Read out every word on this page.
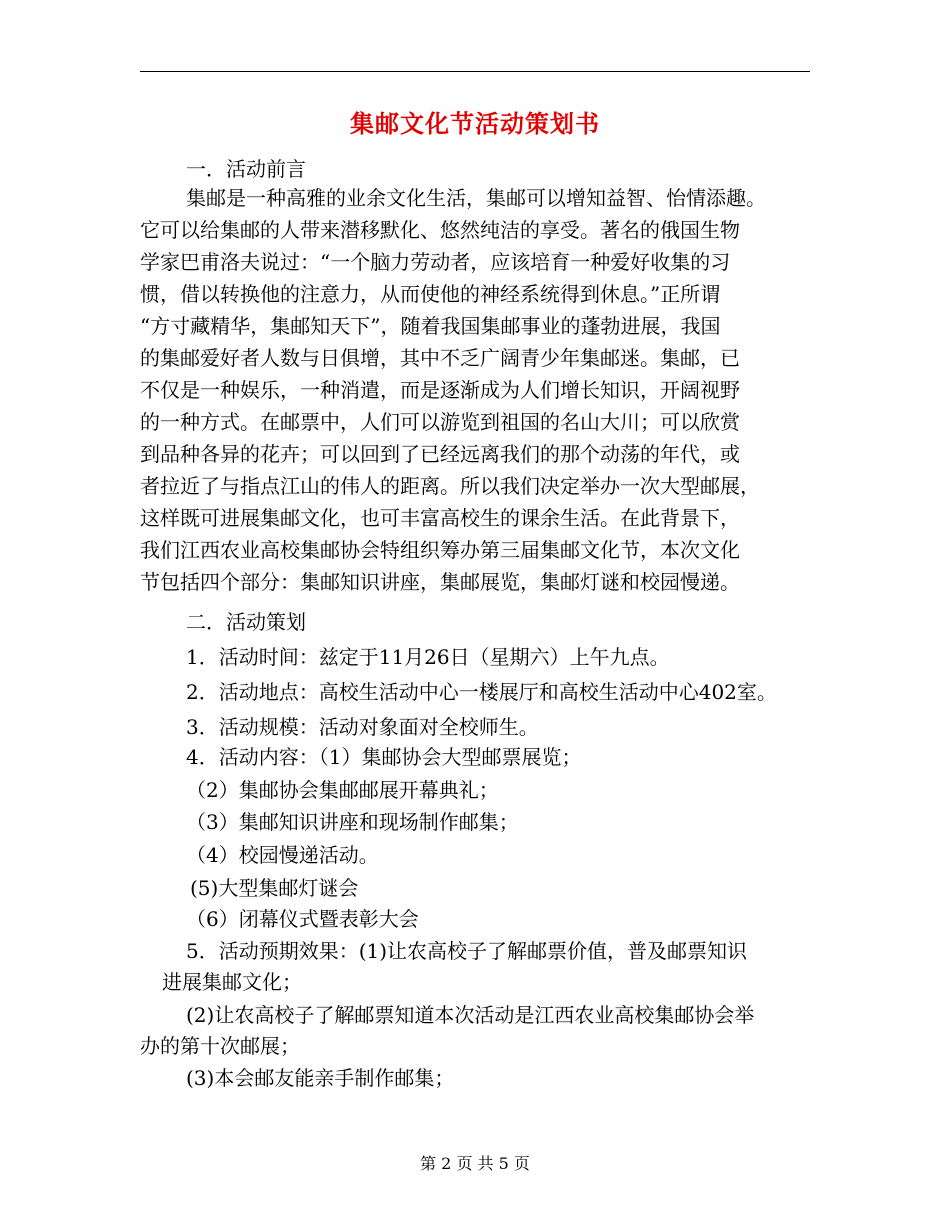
集邮文化节活动策划书
一．活动前言
集邮是一种高雅的业余文化生活，集邮可以增知益智、怡情添趣。
它可以给集邮的人带来潜移默化、悠然纯洁的享受。著名的俄国生物
学家巴甫洛夫说过：“一个脑力劳动者，应该培育一种爱好收集的习
惯，借以转换他的注意力，从而使他的神经系统得到休息。”正所谓
“方寸藏精华，集邮知天下”，随着我国集邮事业的蓬勃进展，我国
的集邮爱好者人数与日俱增，其中不乏广阔青少年集邮迷。集邮，已
不仅是一种娱乐，一种消遣，而是逐渐成为人们增长知识，开阔视野
的一种方式。在邮票中，人们可以游览到祖国的名山大川；可以欣赏
到品种各异的花卉；可以回到了已经远离我们的那个动荡的年代，或
者拉近了与指点江山的伟人的距离。所以我们决定举办一次大型邮展，
这样既可进展集邮文化，也可丰富高校生的课余生活。在此背景下，
我们江西农业高校集邮协会特组织筹办第三届集邮文化节，本次文化
节包括四个部分：集邮知识讲座，集邮展览，集邮灯谜和校园慢递。
二．活动策划
1．活动时间：兹定于11月26日（星期六）上午九点。
2．活动地点：高校生活动中心一楼展厅和高校生活动中心402室。
3．活动规模：活动对象面对全校师生。
4．活动内容：（1）集邮协会大型邮票展览；
（2）集邮协会集邮邮展开幕典礼；
（3）集邮知识讲座和现场制作邮集；
（4）校园慢递活动。
(5)大型集邮灯谜会
（6）闭幕仪式暨表彰大会
5．活动预期效果：(1)让农高校子了解邮票价值，普及邮票知识
进展集邮文化；
(2)让农高校子了解邮票知道本次活动是江西农业高校集邮协会举
办的第十次邮展；
(3)本会邮友能亲手制作邮集；
第 2 页 共 5 页
